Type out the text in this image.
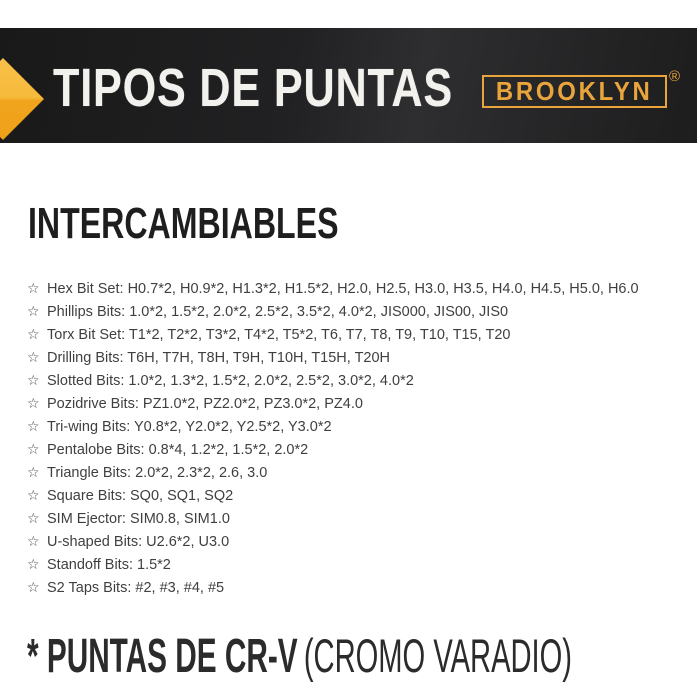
TIPOS DE PUNTAS BROOKLYN ®
INTERCAMBIABLES
☆ Hex Bit Set: H0.7*2, H0.9*2, H1.3*2, H1.5*2, H2.0, H2.5, H3.0, H3.5, H4.0, H4.5, H5.0, H6.0
☆ Phillips Bits: 1.0*2, 1.5*2, 2.0*2, 2.5*2, 3.5*2, 4.0*2, JIS000, JIS00, JIS0
☆ Torx Bit Set: T1*2, T2*2, T3*2, T4*2, T5*2, T6, T7, T8, T9, T10, T15, T20
☆ Drilling Bits: T6H, T7H, T8H, T9H, T10H, T15H, T20H
☆ Slotted Bits: 1.0*2, 1.3*2, 1.5*2, 2.0*2, 2.5*2, 3.0*2, 4.0*2
☆ Pozidrive Bits: PZ1.0*2, PZ2.0*2, PZ3.0*2, PZ4.0
☆ Tri-wing Bits: Y0.8*2, Y2.0*2, Y2.5*2, Y3.0*2
☆ Pentalobe Bits: 0.8*4, 1.2*2, 1.5*2, 2.0*2
☆ Triangle Bits: 2.0*2, 2.3*2, 2.6, 3.0
☆ Square Bits: SQ0, SQ1, SQ2
☆ SIM Ejector: SIM0.8, SIM1.0
☆ U-shaped Bits: U2.6*2, U3.0
☆ Standoff Bits: 1.5*2
☆ S2 Taps Bits: #2, #3, #4, #5
* PUNTAS DE CR-V (CROMO VARADIO)
